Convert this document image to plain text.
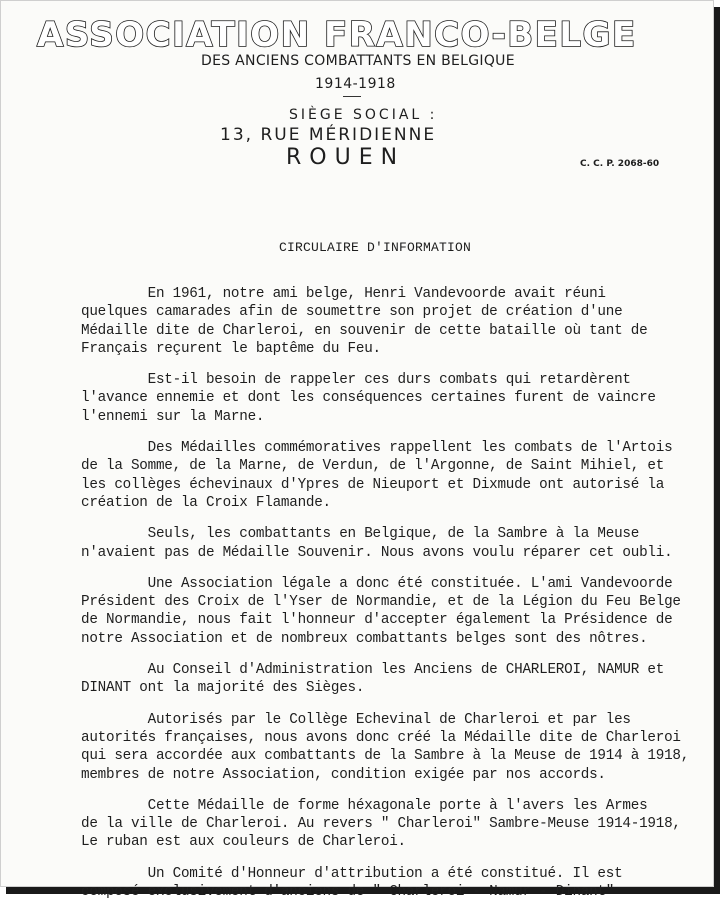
ASSOCIATION FRANCO-BELGE
DES ANCIENS COMBATTANTS EN BELGIQUE
1914-1918
SIÈGE SOCIAL :
13, RUE MÉRIDIENNE
ROUEN	C. C. P. 2068-60
CIRCULAIRE D'INFORMATION
En 1961, notre ami belge, Henri Vandevoorde avait réuni
quelques camarades afin de soumettre son projet de création d'une
Médaille dite de Charleroi, en souvenir de cette bataille où tant de
Français reçurent le baptême du Feu.
Est-il besoin de rappeler ces durs combats qui retardèrent
l'avance ennemie et dont les conséquences certaines furent de vaincre
l'ennemi sur la Marne.
Des Médailles commémoratives rappellent les combats de l'Artois
de la Somme, de la Marne, de Verdun, de l'Argonne, de Saint Mihiel, et
les collèges échevinaux d'Ypres de Nieuport et Dixmude ont autorisé la
création de la Croix Flamande.
Seuls, les combattants en Belgique, de la Sambre à la Meuse
n'avaient pas de Médaille Souvenir. Nous avons voulu réparer cet oubli.
Une Association légale a donc été constituée. L'ami Vandevoorde
Président des Croix de l'Yser de Normandie, et de la Légion du Feu Belge
de Normandie, nous fait l'honneur d'accepter également la Présidence de
notre Association et de nombreux combattants belges sont des nôtres.
Au Conseil d'Administration les Anciens de CHARLEROI, NAMUR et
DINANT ont la majorité des Sièges.
Autorisés par le Collège Echevinal de Charleroi et par les
autorités françaises, nous avons donc créé la Médaille dite de Charleroi
qui sera accordée aux combattants de la Sambre à la Meuse de 1914 à 1918,
membres de notre Association, condition exigée par nos accords.
Cette Médaille de forme héxagonale porte à l'avers les Armes
de la ville de Charleroi. Au revers " Charleroi" Sambre-Meuse 1914-1918,
Le ruban est aux couleurs de Charleroi.
Un Comité d'Honneur d'attribution a été constitué. Il est
composé exclusivement d'anciens de " Charleroi - Namur - Dinant"
